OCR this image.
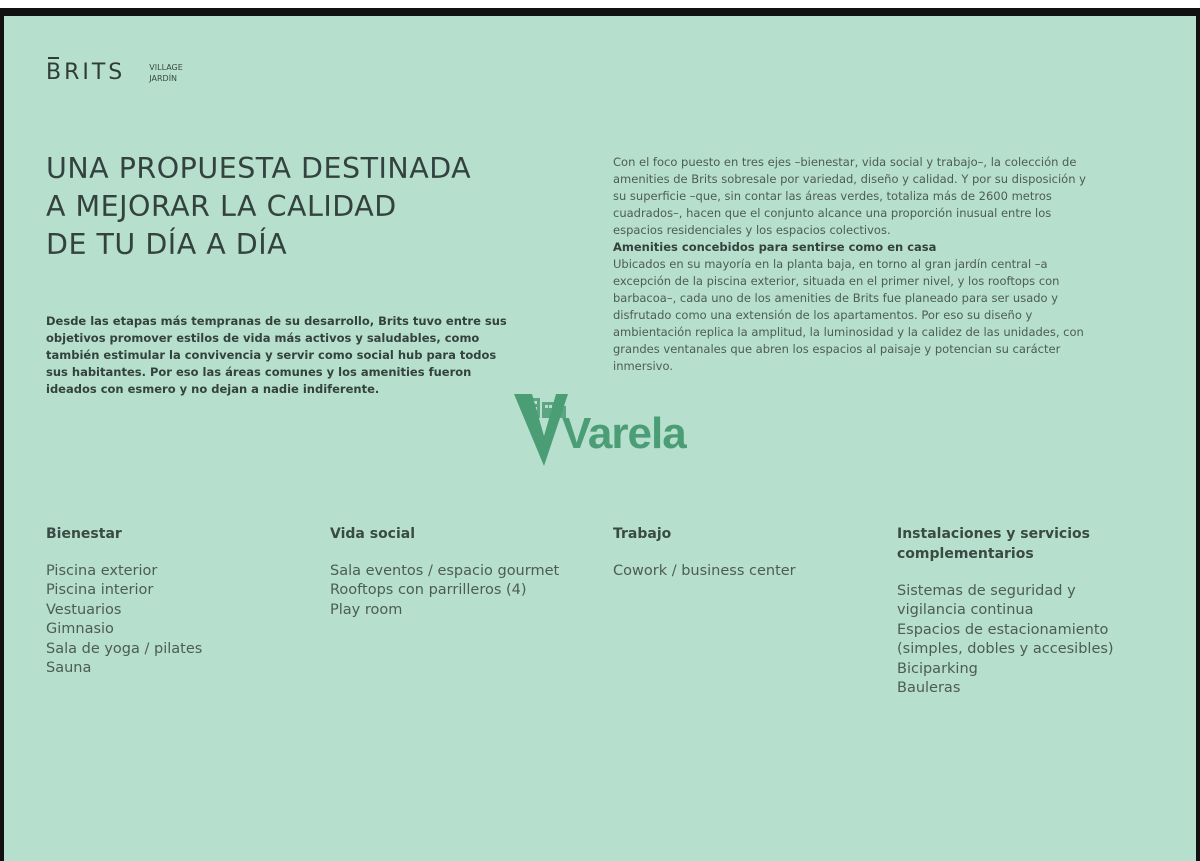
BRITS	VILLAGE
JARDÍN
UNA PROPUESTA DESTINADA
A MEJORAR LA CALIDAD
DE TU DÍA A DÍA

Desde las etapas más tempranas de su desarrollo, Brits tuvo entre sus objetivos promover estilos de vida más activos y saludables, como también estimular la convivencia y servir como social hub para todos sus habitantes. Por eso las áreas comunes y los amenities fueron ideados con esmero y no dejan a nadie indiferente.

Con el foco puesto en tres ejes –bienestar, vida social y trabajo–, la colección de amenities de Brits sobresale por variedad, diseño y calidad. Y por su disposición y su superficie –que, sin contar las áreas verdes, totaliza más de 2600 metros cuadrados–, hacen que el conjunto alcance una proporción inusual entre los espacios residenciales y los espacios colectivos.

Amenities concebidos para sentirse como en casa

Ubicados en su mayoría en la planta baja, en torno al gran jardín central –a excepción de la piscina exterior, situada en el primer nivel, y los rooftops con barbacoa–, cada uno de los amenities de Brits fue planeado para ser usado y disfrutado como una extensión de los apartamentos. Por eso su diseño y ambientación replica la amplitud, la luminosidad y la calidez de las unidades, con grandes ventanales que abren los espacios al paisaje y potencian su carácter inmersivo.

Varela
Bienestar
Piscina exterior
Piscina interior
Vestuarios
Gimnasio
Sala de yoga / pilates
Sauna
Vida social
Sala eventos / espacio gourmet
Rooftops con parrilleros (4)
Play room
Trabajo
Cowork / business center
Instalaciones y servicios complementarios
Sistemas de seguridad y vigilancia continua
Espacios de estacionamiento (simples, dobles y accesibles)
Biciparking
Bauleras
